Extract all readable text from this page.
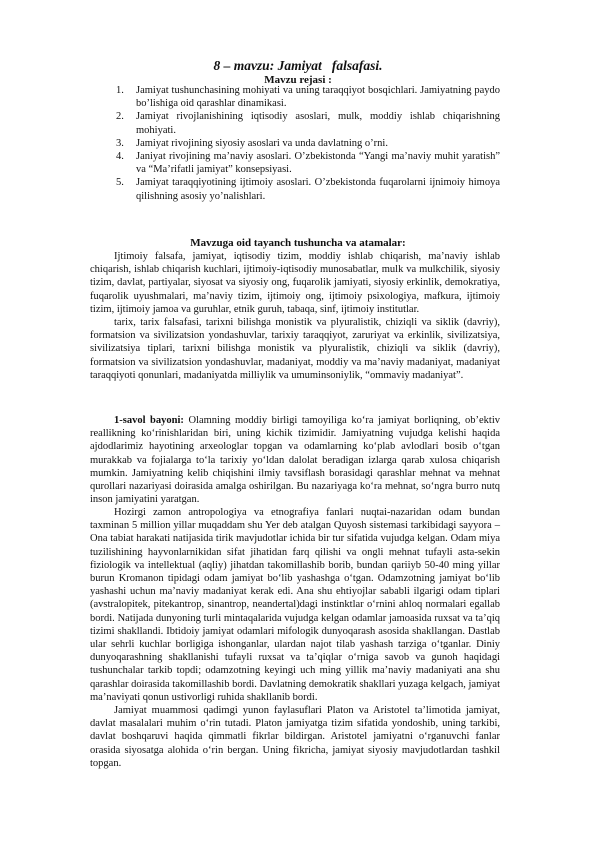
8 – mavzu: Jamiyat   falsafasi.
Mavzu rejasi :
1. Jamiyat tushunchasining mohiyati va uning taraqqiyot bosqichlari. Jamiyatning paydo bo’lishiga oid qarashlar dinamikasi.
2. Jamiyat rivojlanishining iqtisodiy asoslari, mulk, moddiy ishlab chiqarishning mohiyati.
3. Jamiyat rivojining siyosiy asoslari va unda davlatning o’rni.
4. Janiyat rivojining ma’naviy asoslari. O’zbekistonda “Yangi ma’naviy muhit yaratish” va “Ma’rifatli jamiyat” konsepsiyasi.
5. Jamiyat taraqqiyotining ijtimoiy asoslari. O’zbekistonda fuqarolarni ijnimoiy himoya qilishning asosiy yo’nalishlari.
Mavzuga oid tayanch tushuncha va atamalar:

Ijtimoiy falsafa, jamiyat, iqtisodiy tizim, moddiy ishlab chiqarish, ma’naviy ishlab chiqarish, ishlab chiqarish kuchlari, ijtimoiy-iqtisodiy munosabatlar, mulk va mulkchilik, siyosiy tizim, davlat, partiyalar, siyosat va siyosiy ong, fuqarolik jamiyati, siyosiy erkinlik, demokratiya, fuqarolik uyushmalari, ma’naviy tizim, ijtimoiy ong, ijtimoiy psixologiya, mafkura, ijtimoiy tizim, ijtimoiy jamoa va guruhlar, etnik guruh, tabaqa, sinf, ijtimoiy institutlar.

tarix, tarix falsafasi, tarixni bilishga monistik va plyuralistik, chiziqli va siklik (davriy), formatsion va sivilizatsion yondashuvlar, tarixiy taraqqiyot, zaruriyat va erkinlik, sivilizatsiya, sivilizatsiya tiplari, tarixni bilishga monistik va plyuralistik, chiziqli va siklik (davriy), formatsion va sivilizatsion yondashuvlar, madaniyat, moddiy va ma’naviy madaniyat, madaniyat taraqqiyoti qonunlari, madaniyatda milliylik va umuminsoniylik, “ommaviy madaniyat”.

1-savol bayoni: Olamning moddiy birligi tamoyiliga ko‘ra jamiyat borliqning, ob’ektiv reallikning ko‘rinishlaridan biri, uning kichik tizimidir. Jamiyatning vujudga kelishi haqida ajdodlarimiz hayotining arxeologlar topgan va odamlarning ko‘plab avlodlari bosib o‘tgan murakkab va fojialarga to‘la tarixiy yo‘ldan dalolat beradigan izlarga qarab xulosa chiqarish mumkin. Jamiyatning kelib chiqishini ilmiy tavsiflash borasidagi qarashlar mehnat va mehnat qurollari nazariyasi doirasida amalga oshirilgan. Bu nazariyaga ko‘ra mehnat, so‘ngra burro nutq inson jamiyatini yaratgan.

Hozirgi zamon antropologiya va etnografiya fanlari nuqtai-nazaridan odam bundan taxminan 5 million yillar muqaddam shu Yer deb atalgan Quyosh sistemasi tarkibidagi sayyora – Ona tabiat harakati natijasida tirik mavjudotlar ichida bir tur sifatida vujudga kelgan. Odam miya tuzilishining hayvonlarnikidan sifat jihatidan farq qilishi va ongli mehnat tufayli asta-sekin fiziologik va intellektual (aqliy) jihatdan takomillashib borib, bundan qariiyb 50-40 ming yillar burun Kromanon tipidagi odam jamiyat bo‘lib yashashga o‘tgan. Odamzotning jamiyat bo‘lib yashashi uchun ma’naviy madaniyat kerak edi. Ana shu ehtiyojlar sababli ilgarigi odam tiplari (avstralopitek, pitekantrop, sinantrop, neandertal)dagi instinktlar o‘rnini ahloq normalari egallab bordi. Natijada dunyoning turli mintaqalarida vujudga kelgan odamlar jamoasida ruxsat va ta’qiq tizimi shakllandi. Ibtidoiy jamiyat odamlari mifologik dunyoqarash asosida shakllangan. Dastlab ular sehrli kuchlar borligiga ishonganlar, ulardan najot tilab yashash tarziga o‘tganlar. Diniy dunyoqarashning shakllanishi tufayli ruxsat va ta’qiqlar o‘rniga savob va gunoh haqidagi tushunchalar tarkib topdi; odamzotning keyingi uch ming yillik ma’naviy madaniyati ana shu qarashlar doirasida takomillashib bordi. Davlatning demokratik shakllari yuzaga kelgach, jamiyat ma’naviyati qonun ustivorligi ruhida shakllanib bordi.

Jamiyat muammosi qadimgi yunon faylasuflari Platon va Aristotel ta’limotida jamiyat, davlat masalalari muhim o‘rin tutadi. Platon jamiyatga tizim sifatida yondoshib, uning tarkibi, davlat boshqaruvi haqida qimmatli fikrlar bildirgan. Aristotel jamiyatni o‘rganuvchi fanlar orasida siyosatga alohida o‘rin bergan. Uning fikricha, jamiyat siyosiy mavjudotlardan tashkil topgan.
